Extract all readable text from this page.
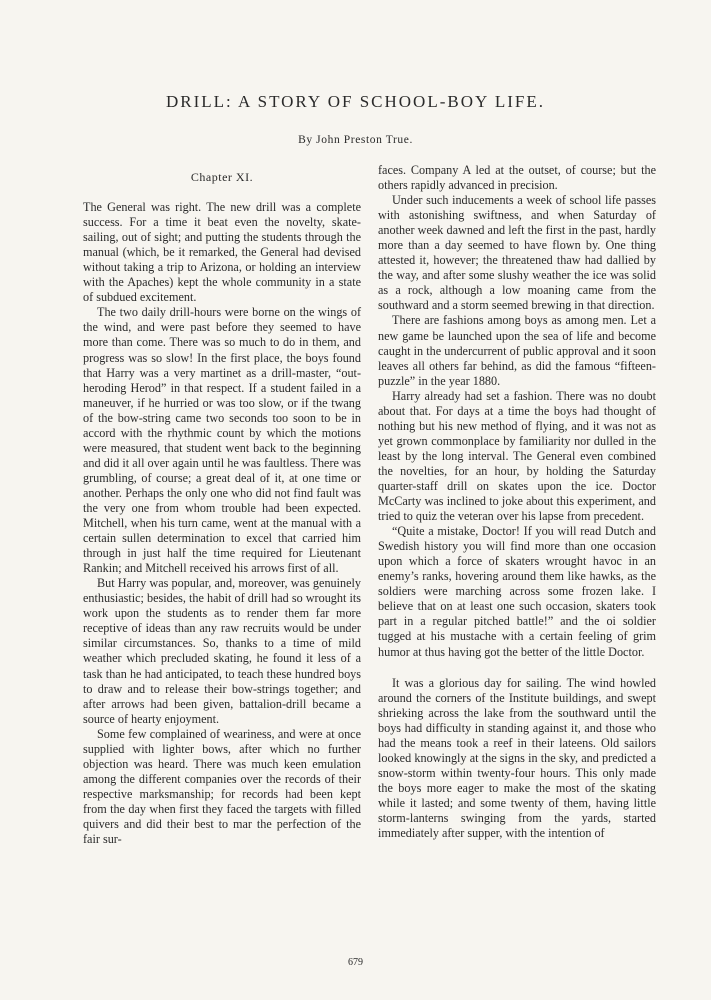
DRILL: A STORY OF SCHOOL-BOY LIFE.
By John Preston True.
Chapter XI.

The General was right. The new drill was a complete success. For a time it beat even the novelty, skate-sailing, out of sight; and putting the students through the manual (which, be it remarked, the General had devised without taking a trip to Arizona, or holding an interview with the Apaches) kept the whole community in a state of subdued excitement.

The two daily drill-hours were borne on the wings of the wind, and were past before they seemed to have more than come. There was so much to do in them, and progress was so slow! In the first place, the boys found that Harry was a very martinet as a drill-master, “out-heroding Herod” in that respect. If a student failed in a maneuver, if he hurried or was too slow, or if the twang of the bow-string came two seconds too soon to be in accord with the rhythmic count by which the motions were measured, that student went back to the beginning and did it all over again until he was faultless. There was grumbling, of course; a great deal of it, at one time or another. Perhaps the only one who did not find fault was the very one from whom trouble had been expected. Mitchell, when his turn came, went at the manual with a certain sullen determination to excel that carried him through in just half the time required for Lieutenant Rankin; and Mitchell received his arrows first of all.

But Harry was popular, and, moreover, was genuinely enthusiastic; besides, the habit of drill had so wrought its work upon the students as to render them far more receptive of ideas than any raw recruits would be under similar circumstances. So, thanks to a time of mild weather which precluded skating, he found it less of a task than he had anticipated, to teach these hundred boys to draw and to release their bow-strings together; and after arrows had been given, battalion-drill became a source of hearty enjoyment.

Some few complained of weariness, and were at once supplied with lighter bows, after which no further objection was heard. There was much keen emulation among the different companies over the records of their respective marksmanship; for records had been kept from the day when first they faced the targets with filled quivers and did their best to mar the perfection of the fair sur-

faces. Company A led at the outset, of course; but the others rapidly advanced in precision.

Under such inducements a week of school life passes with astonishing swiftness, and when Saturday of another week dawned and left the first in the past, hardly more than a day seemed to have flown by. One thing attested it, however; the threatened thaw had dallied by the way, and after some slushy weather the ice was solid as a rock, although a low moaning came from the southward and a storm seemed brewing in that direction.

There are fashions among boys as among men. Let a new game be launched upon the sea of life and become caught in the undercurrent of public approval and it soon leaves all others far behind, as did the famous “fifteen-puzzle” in the year 1880.

Harry already had set a fashion. There was no doubt about that. For days at a time the boys had thought of nothing but his new method of flying, and it was not as yet grown commonplace by familiarity nor dulled in the least by the long interval. The General even combined the novelties, for an hour, by holding the Saturday quarter-staff drill on skates upon the ice. Doctor McCarty was inclined to joke about this experiment, and tried to quiz the veteran over his lapse from precedent.

“Quite a mistake, Doctor! If you will read Dutch and Swedish history you will find more than one occasion upon which a force of skaters wrought havoc in an enemy’s ranks, hovering around them like hawks, as the soldiers were marching across some frozen lake. I believe that on at least one such occasion, skaters took part in a regular pitched battle!” and the oi soldier tugged at his mustache with a certain feeling of grim humor at thus having got the better of the little Doctor.

It was a glorious day for sailing. The wind howled around the corners of the Institute buildings, and swept shrieking across the lake from the southward until the boys had difficulty in standing against it, and those who had the means took a reef in their lateens. Old sailors looked knowingly at the signs in the sky, and predicted a snow-storm within twenty-four hours. This only made the boys more eager to make the most of the skating while it lasted; and some twenty of them, having little storm-lanterns swinging from the yards, started immediately after supper, with the intention of

679
